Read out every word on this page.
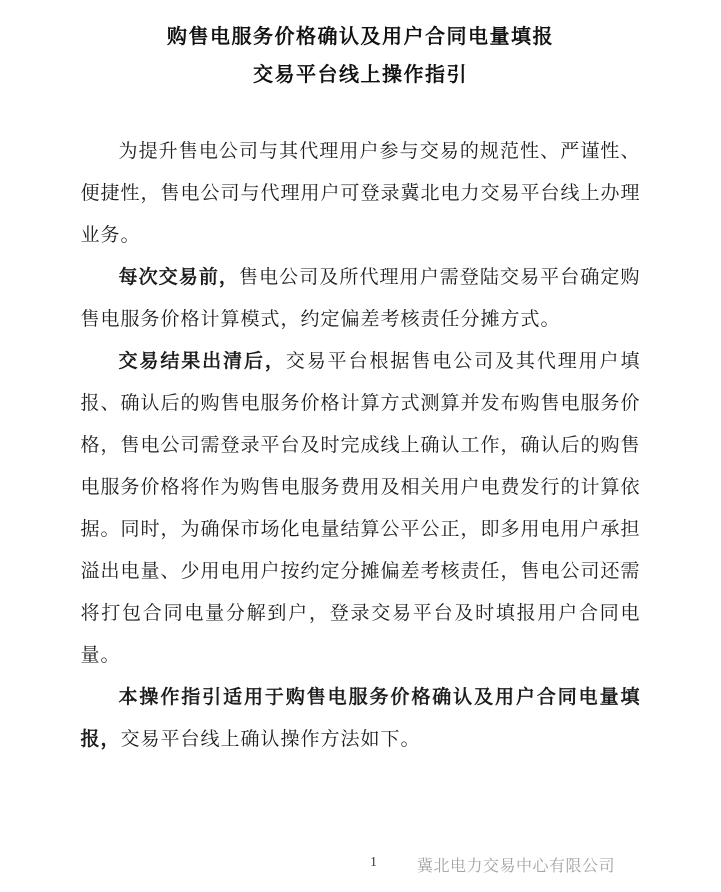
购售电服务价格确认及用户合同电量填报
交易平台线上操作指引

为提升售电公司与其代理用户参与交易的规范性、严谨性、便捷性，售电公司与代理用户可登录冀北电力交易平台线上办理业务。

每次交易前，售电公司及所代理用户需登陆交易平台确定购售电服务价格计算模式，约定偏差考核责任分摊方式。

交易结果出清后，交易平台根据售电公司及其代理用户填报、确认后的购售电服务价格计算方式测算并发布购售电服务价格，售电公司需登录平台及时完成线上确认工作，确认后的购售电服务价格将作为购售电服务费用及相关用户电费发行的计算依据。同时，为确保市场化电量结算公平公正，即多用电用户承担溢出电量、少用电用户按约定分摊偏差考核责任，售电公司还需将打包合同电量分解到户，登录交易平台及时填报用户合同电量。

本操作指引适用于购售电服务价格确认及用户合同电量填报，交易平台线上确认操作方法如下。

1	冀北电力交易中心有限公司
